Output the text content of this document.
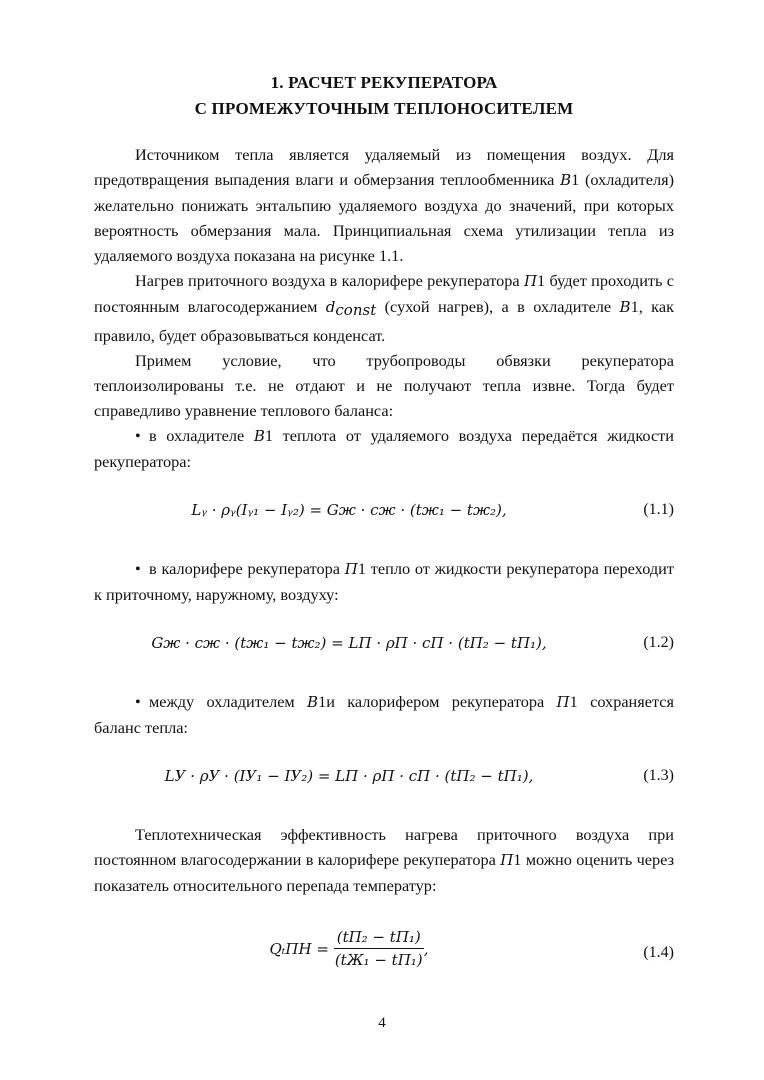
1. РАСЧЕТ РЕКУПЕРАТОРА
С ПРОМЕЖУТОЧНЫМ ТЕПЛОНОСИТЕЛЕМ

Источником тепла является удаляемый из помещения воздух. Для предотвращения выпадения влаги и обмерзания теплообменника В1 (охладителя) желательно понижать энтальпию удаляемого воздуха до значений, при которых вероятность обмерзания мала. Принципиальная схема утилизации тепла из удаляемого воздуха показана на рисунке 1.1.

Нагрев приточного воздуха в калорифере рекуператора П1 будет проходить с постоянным влагосодержанием $d_{const}$ (сухой нагрев), а в охладителе В1, как правило, будет образовываться конденсат.

Примем условие, что трубопроводы обвязки рекуператора теплоизолированы т.е. не отдают и не получают тепла извне. Тогда будет справедливо уравнение теплового баланса:

• в охладителе В1 теплота от удаляемого воздуха передаётся жидкости рекуператора:

Lᵧ · ρᵧ(Iᵧ₁ − Iᵧ₂) = Gж · cж · (tж₁ − tж₂),	(1.1)

• в калорифере рекуператора П1 тепло от жидкости рекуператора переходит к приточному, наружному, воздуху:

Gж · cж · (tж₁ − tж₂) = LП · ρП · cП · (tП₂ − tП₁),	(1.2)

• между охладителем В1и калорифером рекуператора П1 сохраняется баланс тепла:

LУ · ρУ · (IУ₁ − IУ₂) = LП · ρП · cП · (tП₂ − tП₁),	(1.3)

Теплотехническая эффективность нагрева приточного воздуха при постоянном влагосодержании в калорифере рекуператора П1 можно оценить через показатель относительного перепада температур:

$Q_tПН = \frac{\text{(tП₂ − tП₁)}}{\text{(tЖ₁ − tП₁)}}$ ,	(1.4)
4
